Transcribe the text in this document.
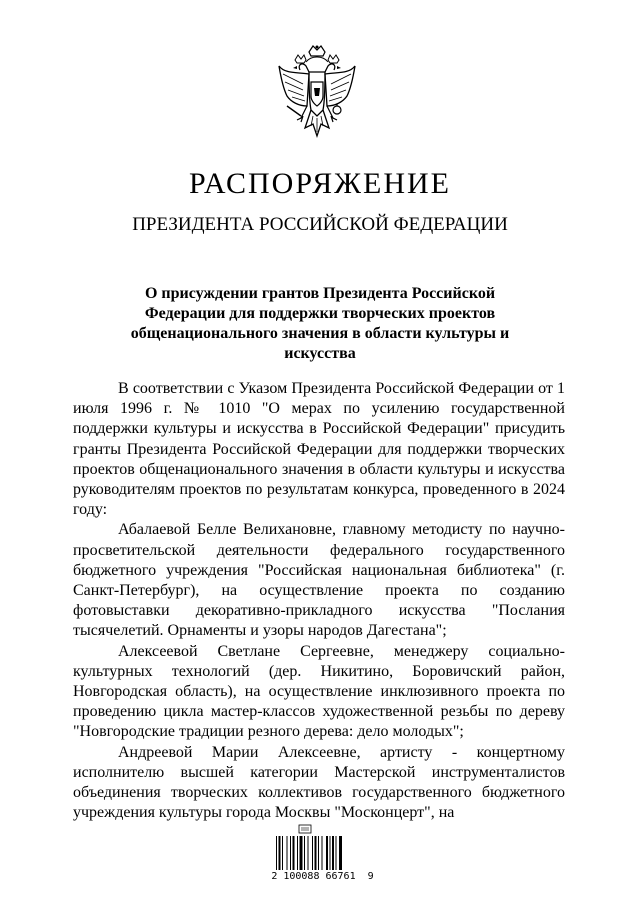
РАСПОРЯЖЕНИЕ
ПРЕЗИДЕНТА РОССИЙСКОЙ ФЕДЕРАЦИИ
О присуждении грантов Президента Российской
Федерации для поддержки творческих проектов
общенационального значения в области культуры и
искусства

В соответствии с Указом Президента Российской Федерации от 1 июля 1996 г. № 1010 "О мерах по усилению государственной поддержки культуры и искусства в Российской Федерации" присудить гранты Президента Российской Федерации для поддержки творческих проектов общенационального значения в области культуры и искусства руководителям проектов по результатам конкурса, проведенного в 2024 году:

Абалаевой Белле Велихановне, главному методисту по научно-просветительской деятельности федерального государственного бюджетного учреждения "Российская национальная библиотека" (г. Санкт-Петербург), на осуществление проекта по созданию фотовыставки декоративно-прикладного искусства "Послания тысячелетий. Орнаменты и узоры народов Дагестана";

Алексеевой Светлане Сергеевне, менеджеру социально-культурных технологий (дер. Никитино, Боровичский район, Новгородская область), на осуществление инклюзивного проекта по проведению цикла мастер-классов художественной резьбы по дереву "Новгородские традиции резного дерева: дело молодых";

Андреевой Марии Алексеевне, артисту - концертному исполнителю высшей категории Мастерской инструменталистов объединения творческих коллективов государственного бюджетного учреждения культуры города Москвы "Москонцерт", на

2 100088 66761  9
